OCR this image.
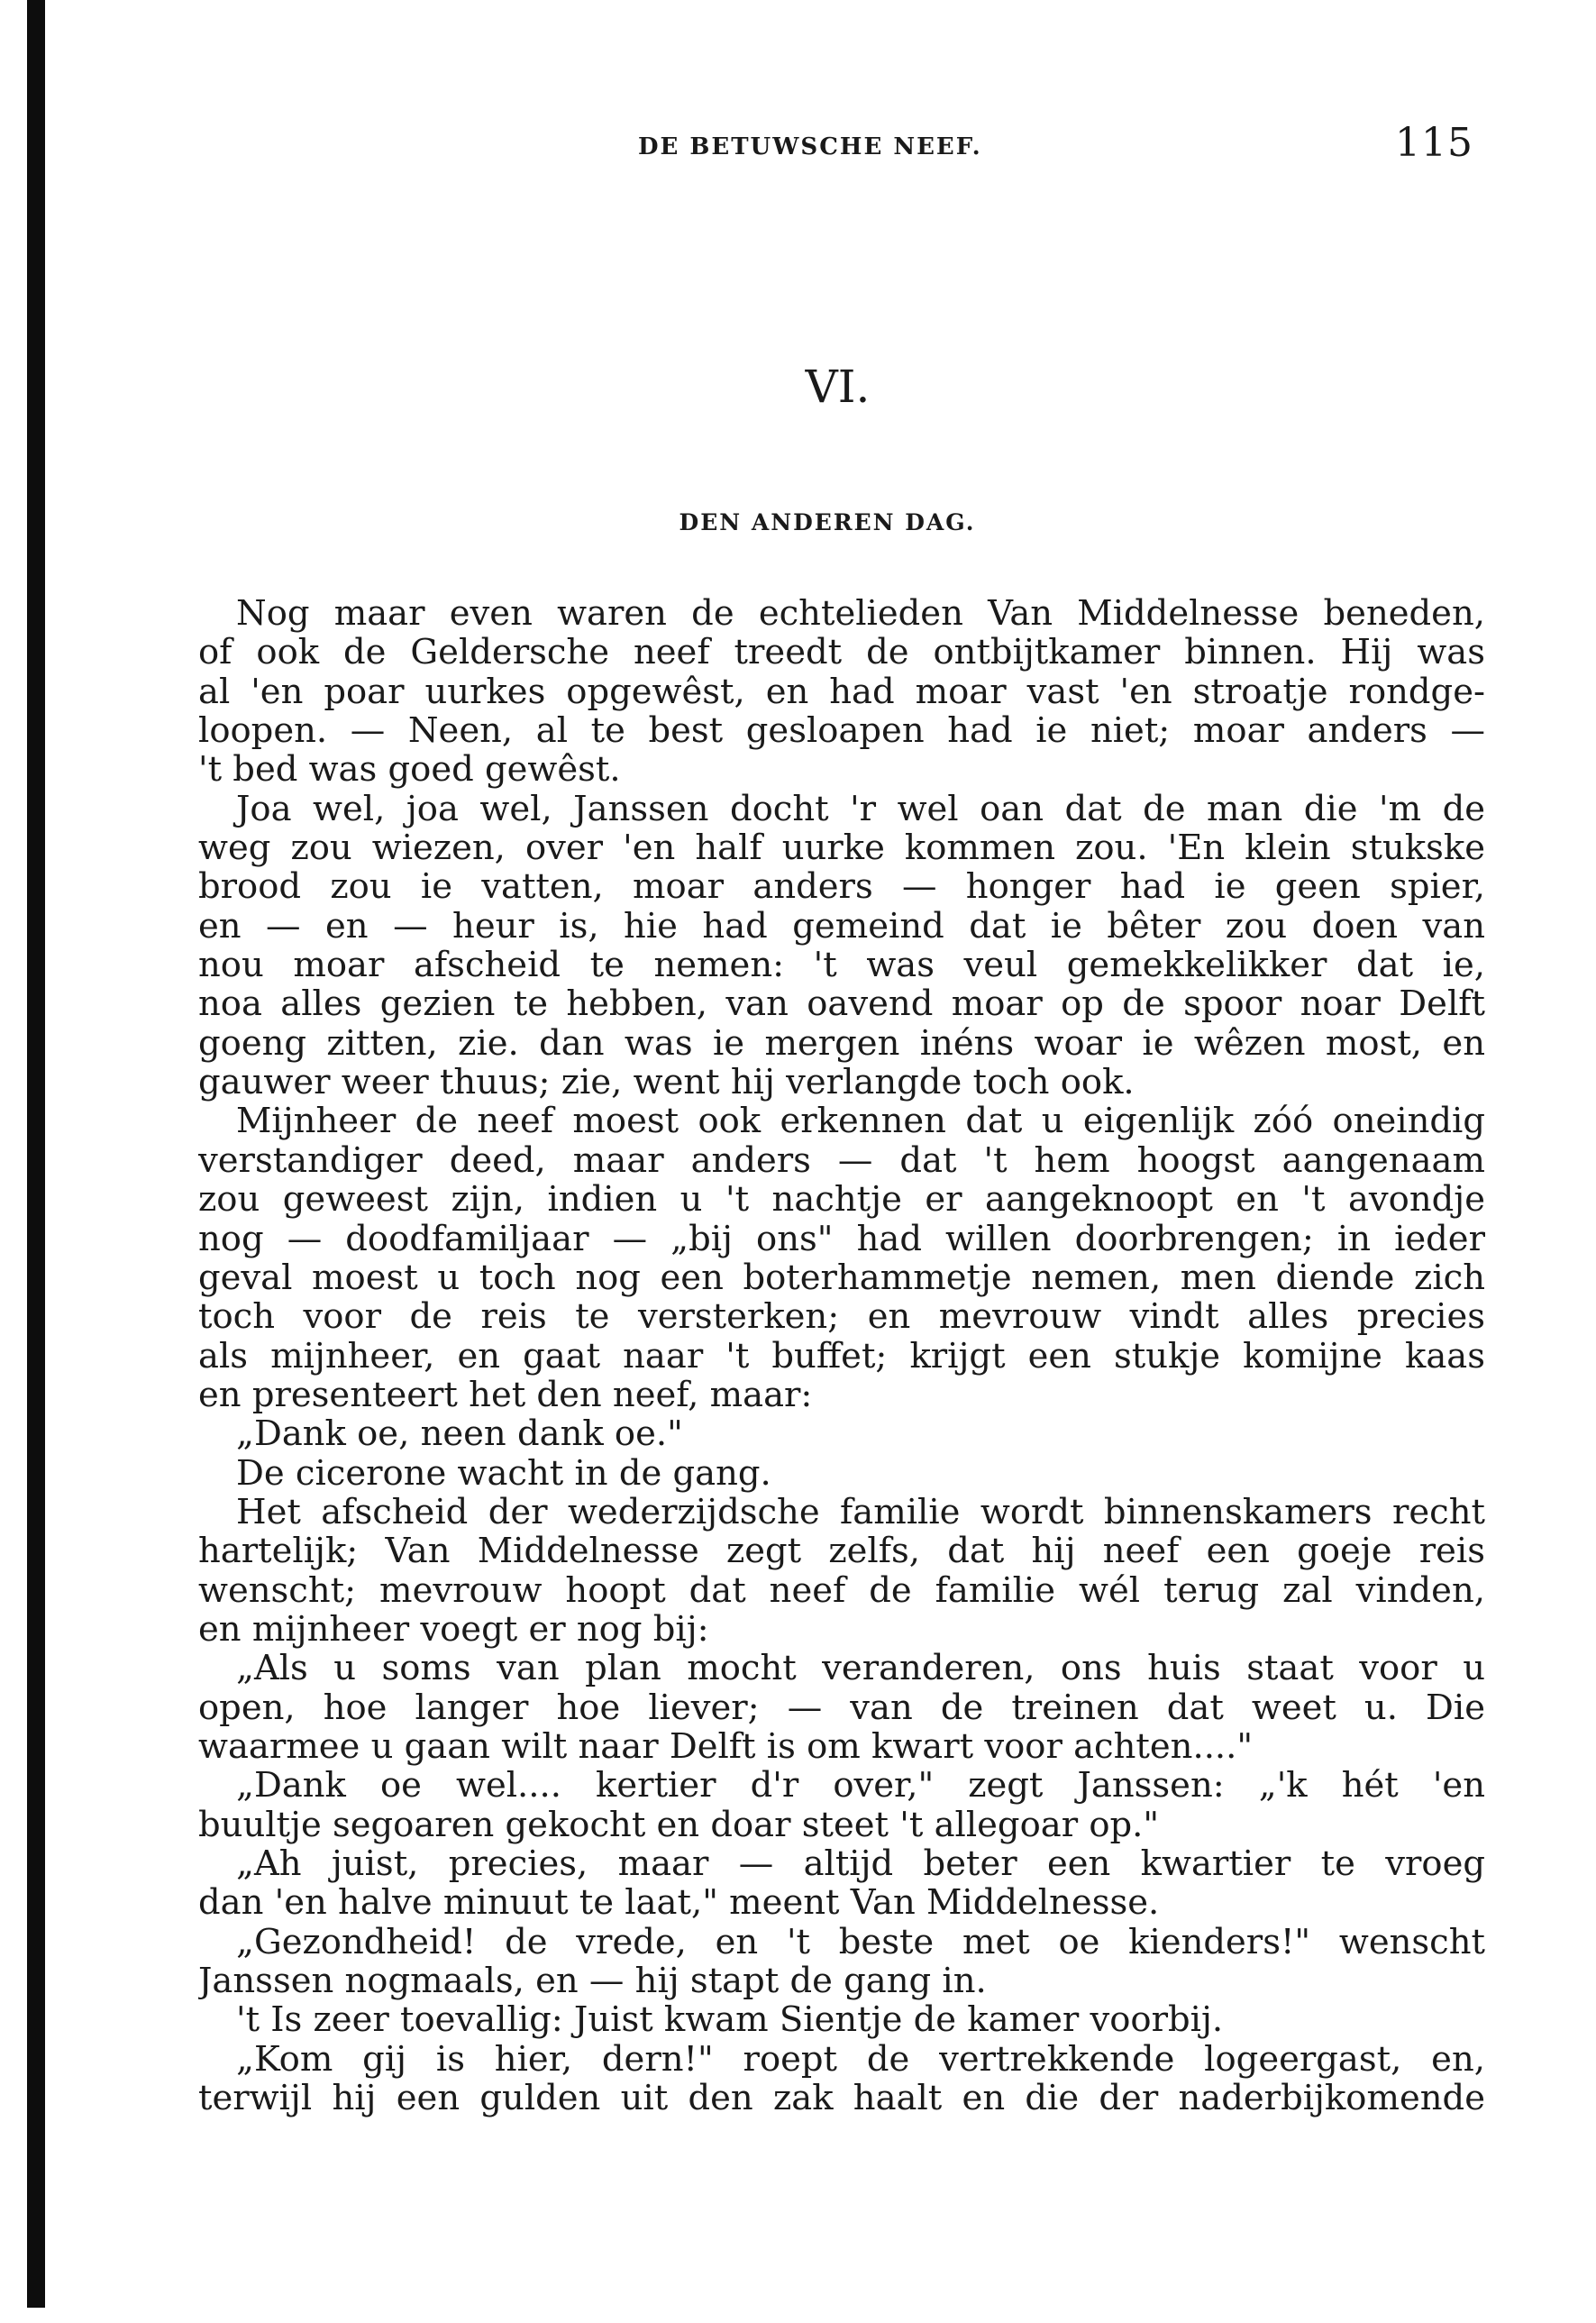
DE BETUWSCHE NEEF.	115
VI.
DEN ANDEREN DAG.
Nog maar even waren de echtelieden Van Middelnesse beneden,
of ook de Geldersche neef treedt de ontbijtkamer binnen. Hij was
al 'en poar uurkes opgewêst, en had moar vast 'en stroatje rondge-
loopen. — Neen, al te best gesloapen had ie niet; moar anders —
't bed was goed gewêst.
Joa wel, joa wel, Janssen docht 'r wel oan dat de man die 'm de
weg zou wiezen, over 'en half uurke kommen zou. 'En klein stukske
brood zou ie vatten, moar anders — honger had ie geen spier,
en — en — heur is, hie had gemeind dat ie bêter zou doen van
nou moar afscheid te nemen: 't was veul gemekkelikker dat ie,
noa alles gezien te hebben, van oavend moar op de spoor noar Delft
goeng zitten, zie. dan was ie mergen inéns woar ie wêzen most, en
gauwer weer thuus; zie, went hij verlangde toch ook.
Mijnheer de neef moest ook erkennen dat u eigenlijk zóó oneindig
verstandiger deed, maar anders — dat 't hem hoogst aangenaam
zou geweest zijn, indien u 't nachtje er aangeknoopt en 't avondje
nog — doodfamiljaar — „bij ons" had willen doorbrengen; in ieder
geval moest u toch nog een boterhammetje nemen, men diende zich
toch voor de reis te versterken; en mevrouw vindt alles precies
als mijnheer, en gaat naar 't buffet; krijgt een stukje komijne kaas
en presenteert het den neef, maar:
„Dank oe, neen dank oe."
De cicerone wacht in de gang.
Het afscheid der wederzijdsche familie wordt binnenskamers recht
hartelijk; Van Middelnesse zegt zelfs, dat hij neef een goeje reis
wenscht; mevrouw hoopt dat neef de familie wél terug zal vinden,
en mijnheer voegt er nog bij:
„Als u soms van plan mocht veranderen, ons huis staat voor u
open, hoe langer hoe liever; — van de treinen dat weet u. Die
waarmee u gaan wilt naar Delft is om kwart voor achten...."
„Dank oe wel.... kertier d'r over," zegt Janssen: „'k hét 'en
buultje segoaren gekocht en doar steet 't allegoar op."
„Ah juist, precies, maar — altijd beter een kwartier te vroeg
dan 'en halve minuut te laat," meent Van Middelnesse.
„Gezondheid! de vrede, en 't beste met oe kienders!" wenscht
Janssen nogmaals, en — hij stapt de gang in.
't Is zeer toevallig: Juist kwam Sientje de kamer voorbij.
„Kom gij is hier, dern!" roept de vertrekkende logeergast, en,
terwijl hij een gulden uit den zak haalt en die der naderbijkomende
